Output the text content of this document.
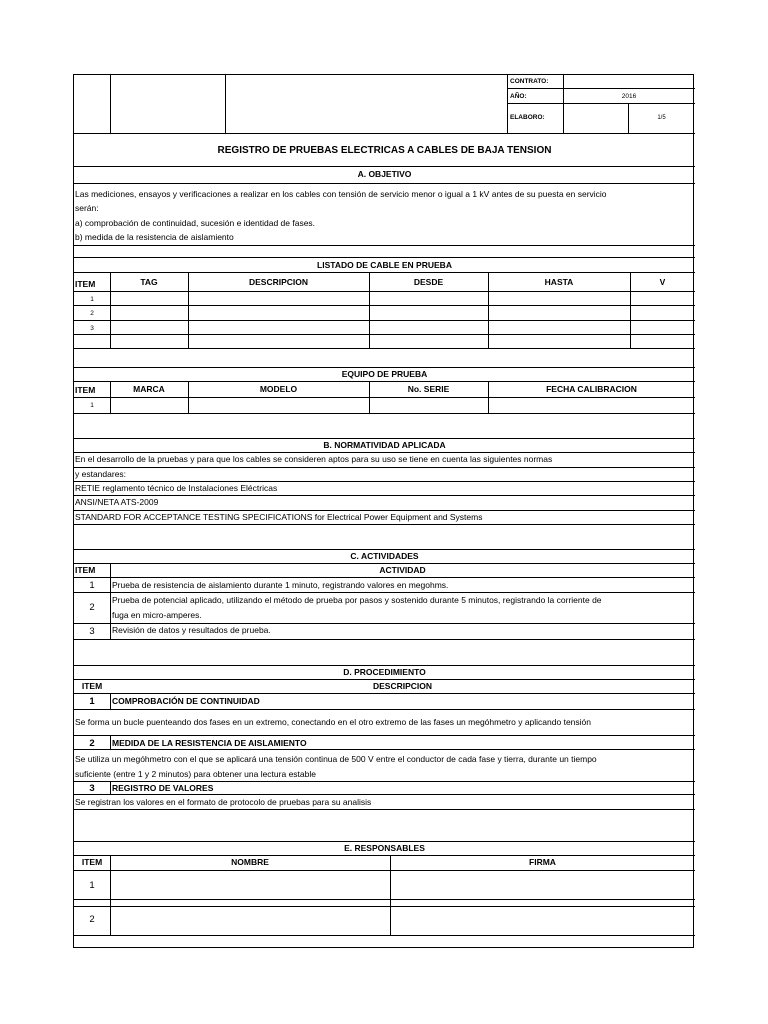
CONTRATO:
AÑO:	2016
ELABORO:	1/5
REGISTRO DE PRUEBAS ELECTRICAS A CABLES DE BAJA TENSION
A. OBJETIVO
Las mediciones, ensayos y verificaciones a realizar en los cables con tensión de servicio menor o igual a 1 kV antes de su puesta en servicio
serán:
a) comprobación de continuidad, sucesión e identidad de fases.
b) medida de la resistencia de aislamiento
LISTADO DE CABLE EN PRUEBA
ITEM	TAG	DESCRIPCION	DESDE	HASTA	V
1
2
3
EQUIPO DE PRUEBA
ITEM	MARCA	MODELO	No. SERIE	FECHA CALIBRACION
1
B. NORMATIVIDAD APLICADA
En el desarrollo de la pruebas y para que los cables se consideren aptos para su uso se tiene en cuenta las siguientes normas
y estandares:
RETIE reglamento técnico de Instalaciones Eléctricas
ANSI/NETA ATS-2009
STANDARD FOR ACCEPTANCE TESTING SPECIFICATIONS for Electrical Power Equipment and Systems
C. ACTIVIDADES
ITEM	ACTIVIDAD
1	Prueba de resistencia de aislamiento durante 1 minuto, registrando valores en megohms.
2
Prueba de potencial aplicado, utilizando el método de prueba por pasos y sostenido durante 5 minutos, registrando la corriente de
fuga en micro-amperes.
3	Revisión de datos y resultados de prueba.
D. PROCEDIMIENTO
ITEM	DESCRIPCION
1	COMPROBACIÓN DE CONTINUIDAD
Se forma un bucle puenteando dos fases en un extremo, conectando en el otro extremo de las fases un megóhmetro y aplicando tensión
2	MEDIDA DE LA RESISTENCIA DE AISLAMIENTO
Se utiliza un megóhmetro con el que se aplicará una tensión continua de 500 V entre el conductor de cada fase y tierra, durante un tiempo
suficiente (entre 1 y 2 minutos) para obtener una lectura estable
3	REGISTRO DE VALORES
Se registran los valores en el formato de protocolo de pruebas para su analisis
E. RESPONSABLES
ITEM	NOMBRE	FIRMA
1
2
